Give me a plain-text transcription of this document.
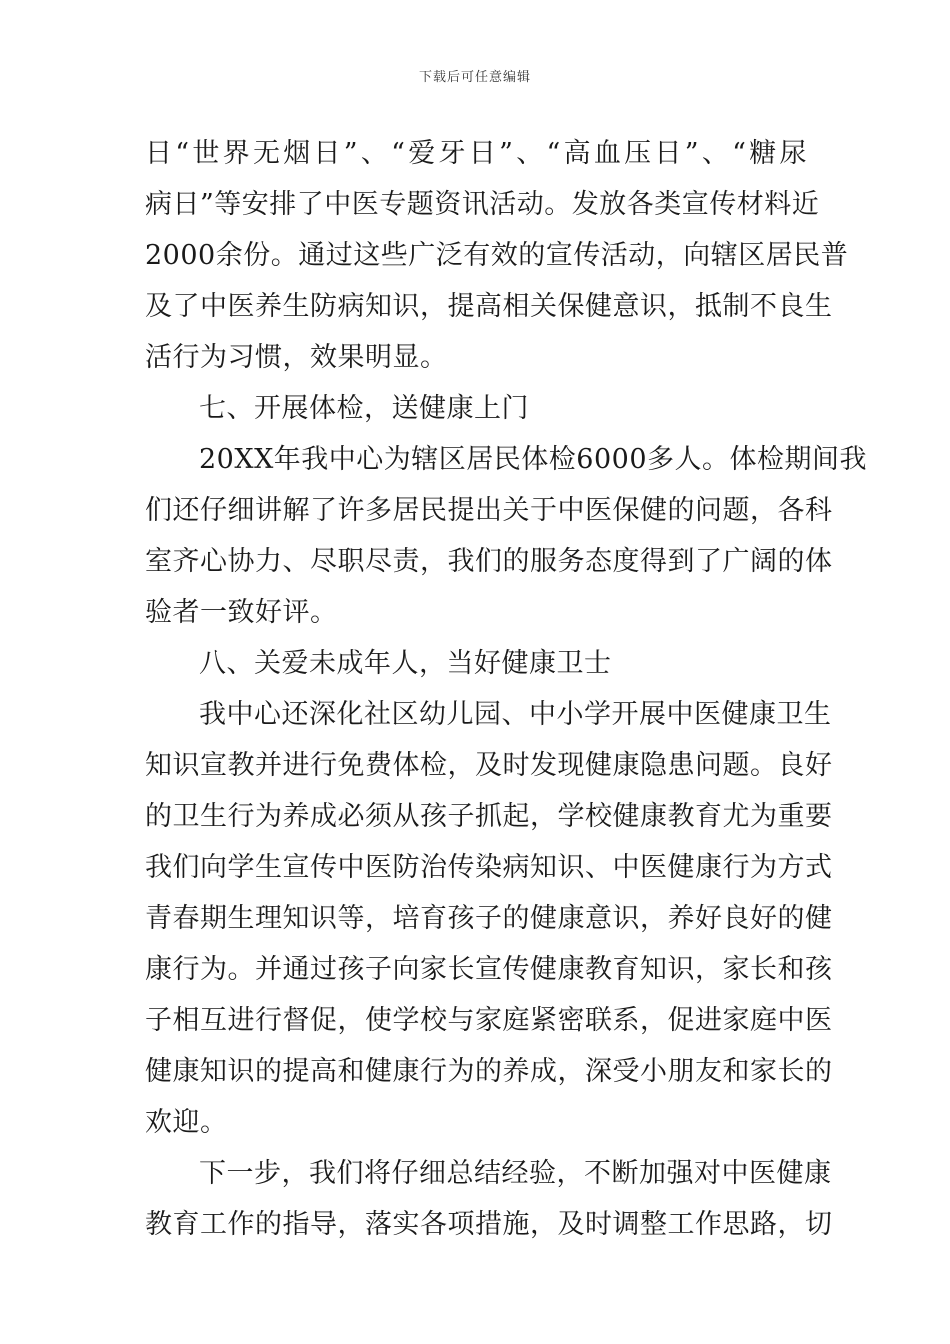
下载后可任意编辑
日“世界无烟日”、“爱牙日”、“高血压日”、“糖尿
病日”等安排了中医专题资讯活动。发放各类宣传材料近
2000余份。通过这些广泛有效的宣传活动，向辖区居民普
及了中医养生防病知识，提高相关保健意识，抵制不良生
活行为习惯，效果明显。
七、开展体检，送健康上门
20XX年我中心为辖区居民体检6000多人。体检期间我
们还仔细讲解了许多居民提出关于中医保健的问题，各科
室齐心协力、尽职尽责，我们的服务态度得到了广阔的体
验者一致好评。
八、关爱未成年人，当好健康卫士
我中心还深化社区幼儿园、中小学开展中医健康卫生
知识宣教并进行免费体检，及时发现健康隐患问题。良好
的卫生行为养成必须从孩子抓起，学校健康教育尤为重要
我们向学生宣传中医防治传染病知识、中医健康行为方式
青春期生理知识等，培育孩子的健康意识，养好良好的健
康行为。并通过孩子向家长宣传健康教育知识，家长和孩
子相互进行督促，使学校与家庭紧密联系，促进家庭中医
健康知识的提高和健康行为的养成，深受小朋友和家长的
欢迎。
下一步，我们将仔细总结经验，不断加强对中医健康
教育工作的指导，落实各项措施，及时调整工作思路，切
